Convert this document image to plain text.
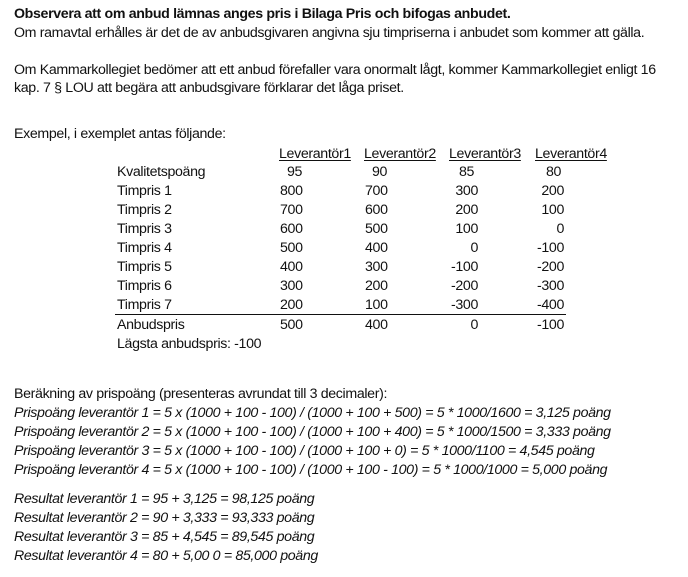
Observera att om anbud lämnas anges pris i Bilaga Pris och bifogas anbudet.
Om ramavtal erhålles är det de av anbudsgivaren angivna sju timpriserna i anbudet som kommer att gälla.
Om Kammarkollegiet bedömer att ett anbud förefaller vara onormalt lågt, kommer Kammarkollegiet enligt 16
kap. 7 § LOU att begära att anbudsgivare förklarar det låga priset.
Exempel, i exemplet antas följande:
Leverantör1 Leverantör2 Leverantör3 Leverantör4
Kvalitetspoäng	95	90	85	80
Timpris 1	800	700	300	200
Timpris 2	700	600	200	100
Timpris 3	600	500	100	0
Timpris 4	500	400	0	-100
Timpris 5	400	300	-100	-200
Timpris 6	300	200	-200	-300
Timpris 7	200	100	-300	-400
Anbudspris	500	400	0	-100
Lägsta anbudspris: -100
Beräkning av prispoäng (presenteras avrundat till 3 decimaler):
Prispoäng leverantör 1 = 5 x (1000 + 100 - 100) / (1000 + 100 + 500) = 5 * 1000/1600 = 3,125 poäng
Prispoäng leverantör 2 = 5 x (1000 + 100 - 100) / (1000 + 100 + 400) = 5 * 1000/1500 = 3,333 poäng
Prispoäng leverantör 3 = 5 x (1000 + 100 - 100) / (1000 + 100 + 0) = 5 * 1000/1100 = 4,545 poäng
Prispoäng leverantör 4 = 5 x (1000 + 100 - 100) / (1000 + 100 - 100) = 5 * 1000/1000 = 5,000 poäng
Resultat leverantör 1 = 95 + 3,125 = 98,125 poäng
Resultat leverantör 2 = 90 + 3,333 = 93,333 poäng
Resultat leverantör 3 = 85 + 4,545 = 89,545 poäng
Resultat leverantör 4 = 80 + 5,00 0 = 85,000 poäng
